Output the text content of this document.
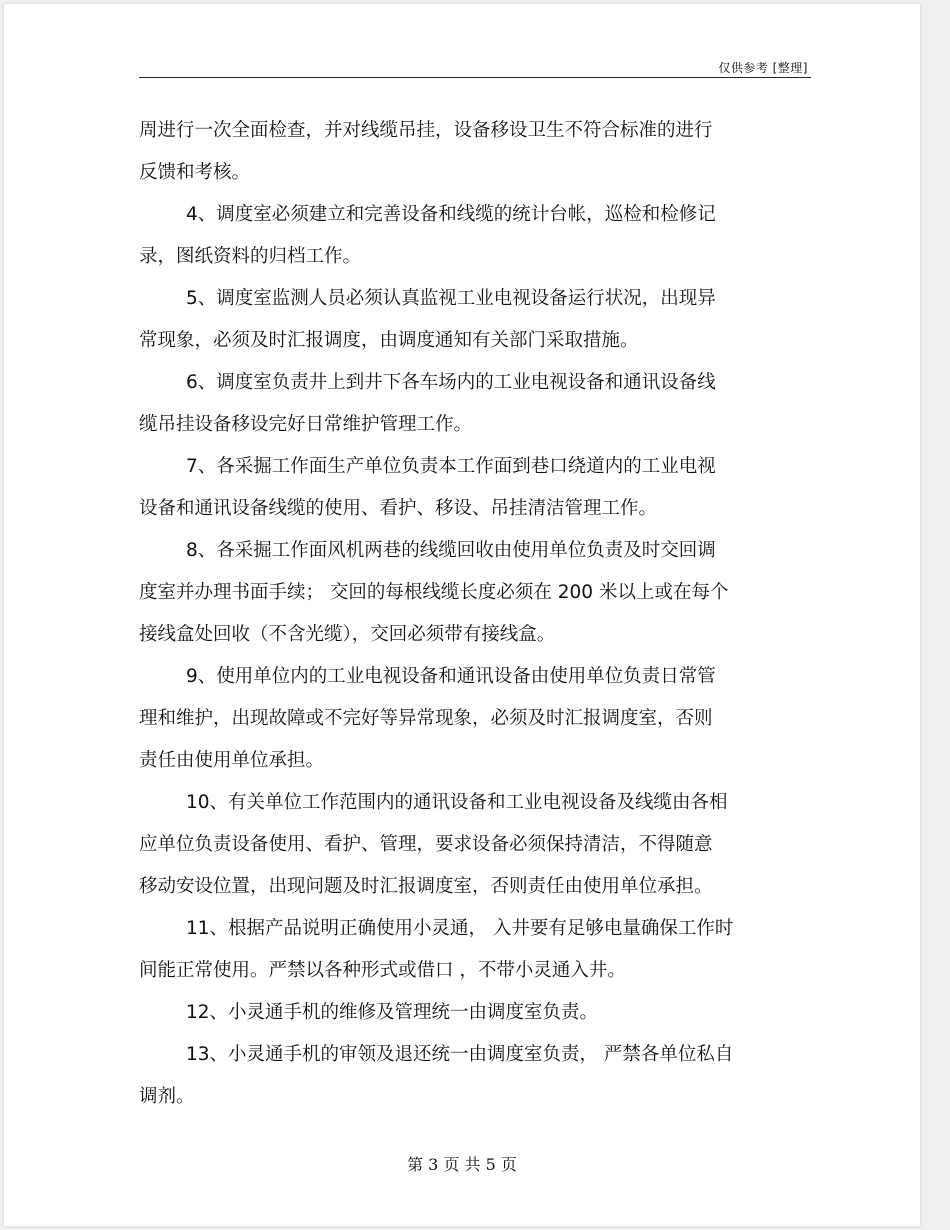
仅供参考 [整理]
周进行一次全面检查，并对线缆吊挂，设备移设卫生不符合标准的进行
反馈和考核。
4、调度室必须建立和完善设备和线缆的统计台帐，巡检和检修记
录，图纸资料的归档工作。
5、调度室监测人员必须认真监视工业电视设备运行状况，出现异
常现象，必须及时汇报调度，由调度通知有关部门采取措施。
6、调度室负责井上到井下各车场内的工业电视设备和通讯设备线
缆吊挂设备移设完好日常维护管理工作。
7、各采掘工作面生产单位负责本工作面到巷口绕道内的工业电视
设备和通讯设备线缆的使用、看护、移设、吊挂清洁管理工作。
8、各采掘工作面风机两巷的线缆回收由使用单位负责及时交回调
度室并办理书面手续； 交回的每根线缆长度必须在 200 米以上或在每个
接线盒处回收（不含光缆），交回必须带有接线盒。
9、使用单位内的工业电视设备和通讯设备由使用单位负责日常管
理和维护，出现故障或不完好等异常现象，必须及时汇报调度室，否则
责任由使用单位承担。
10、有关单位工作范围内的通讯设备和工业电视设备及线缆由各相
应单位负责设备使用、看护、管理，要求设备必须保持清洁，不得随意
移动安设位置，出现问题及时汇报调度室，否则责任由使用单位承担。
11、根据产品说明正确使用小灵通， 入井要有足够电量确保工作时
间能正常使用。严禁以各种形式或借口 ，不带小灵通入井。
12、小灵通手机的维修及管理统一由调度室负责。
13、小灵通手机的审领及退还统一由调度室负责， 严禁各单位私自
调剂。
第 3 页 共 5 页
